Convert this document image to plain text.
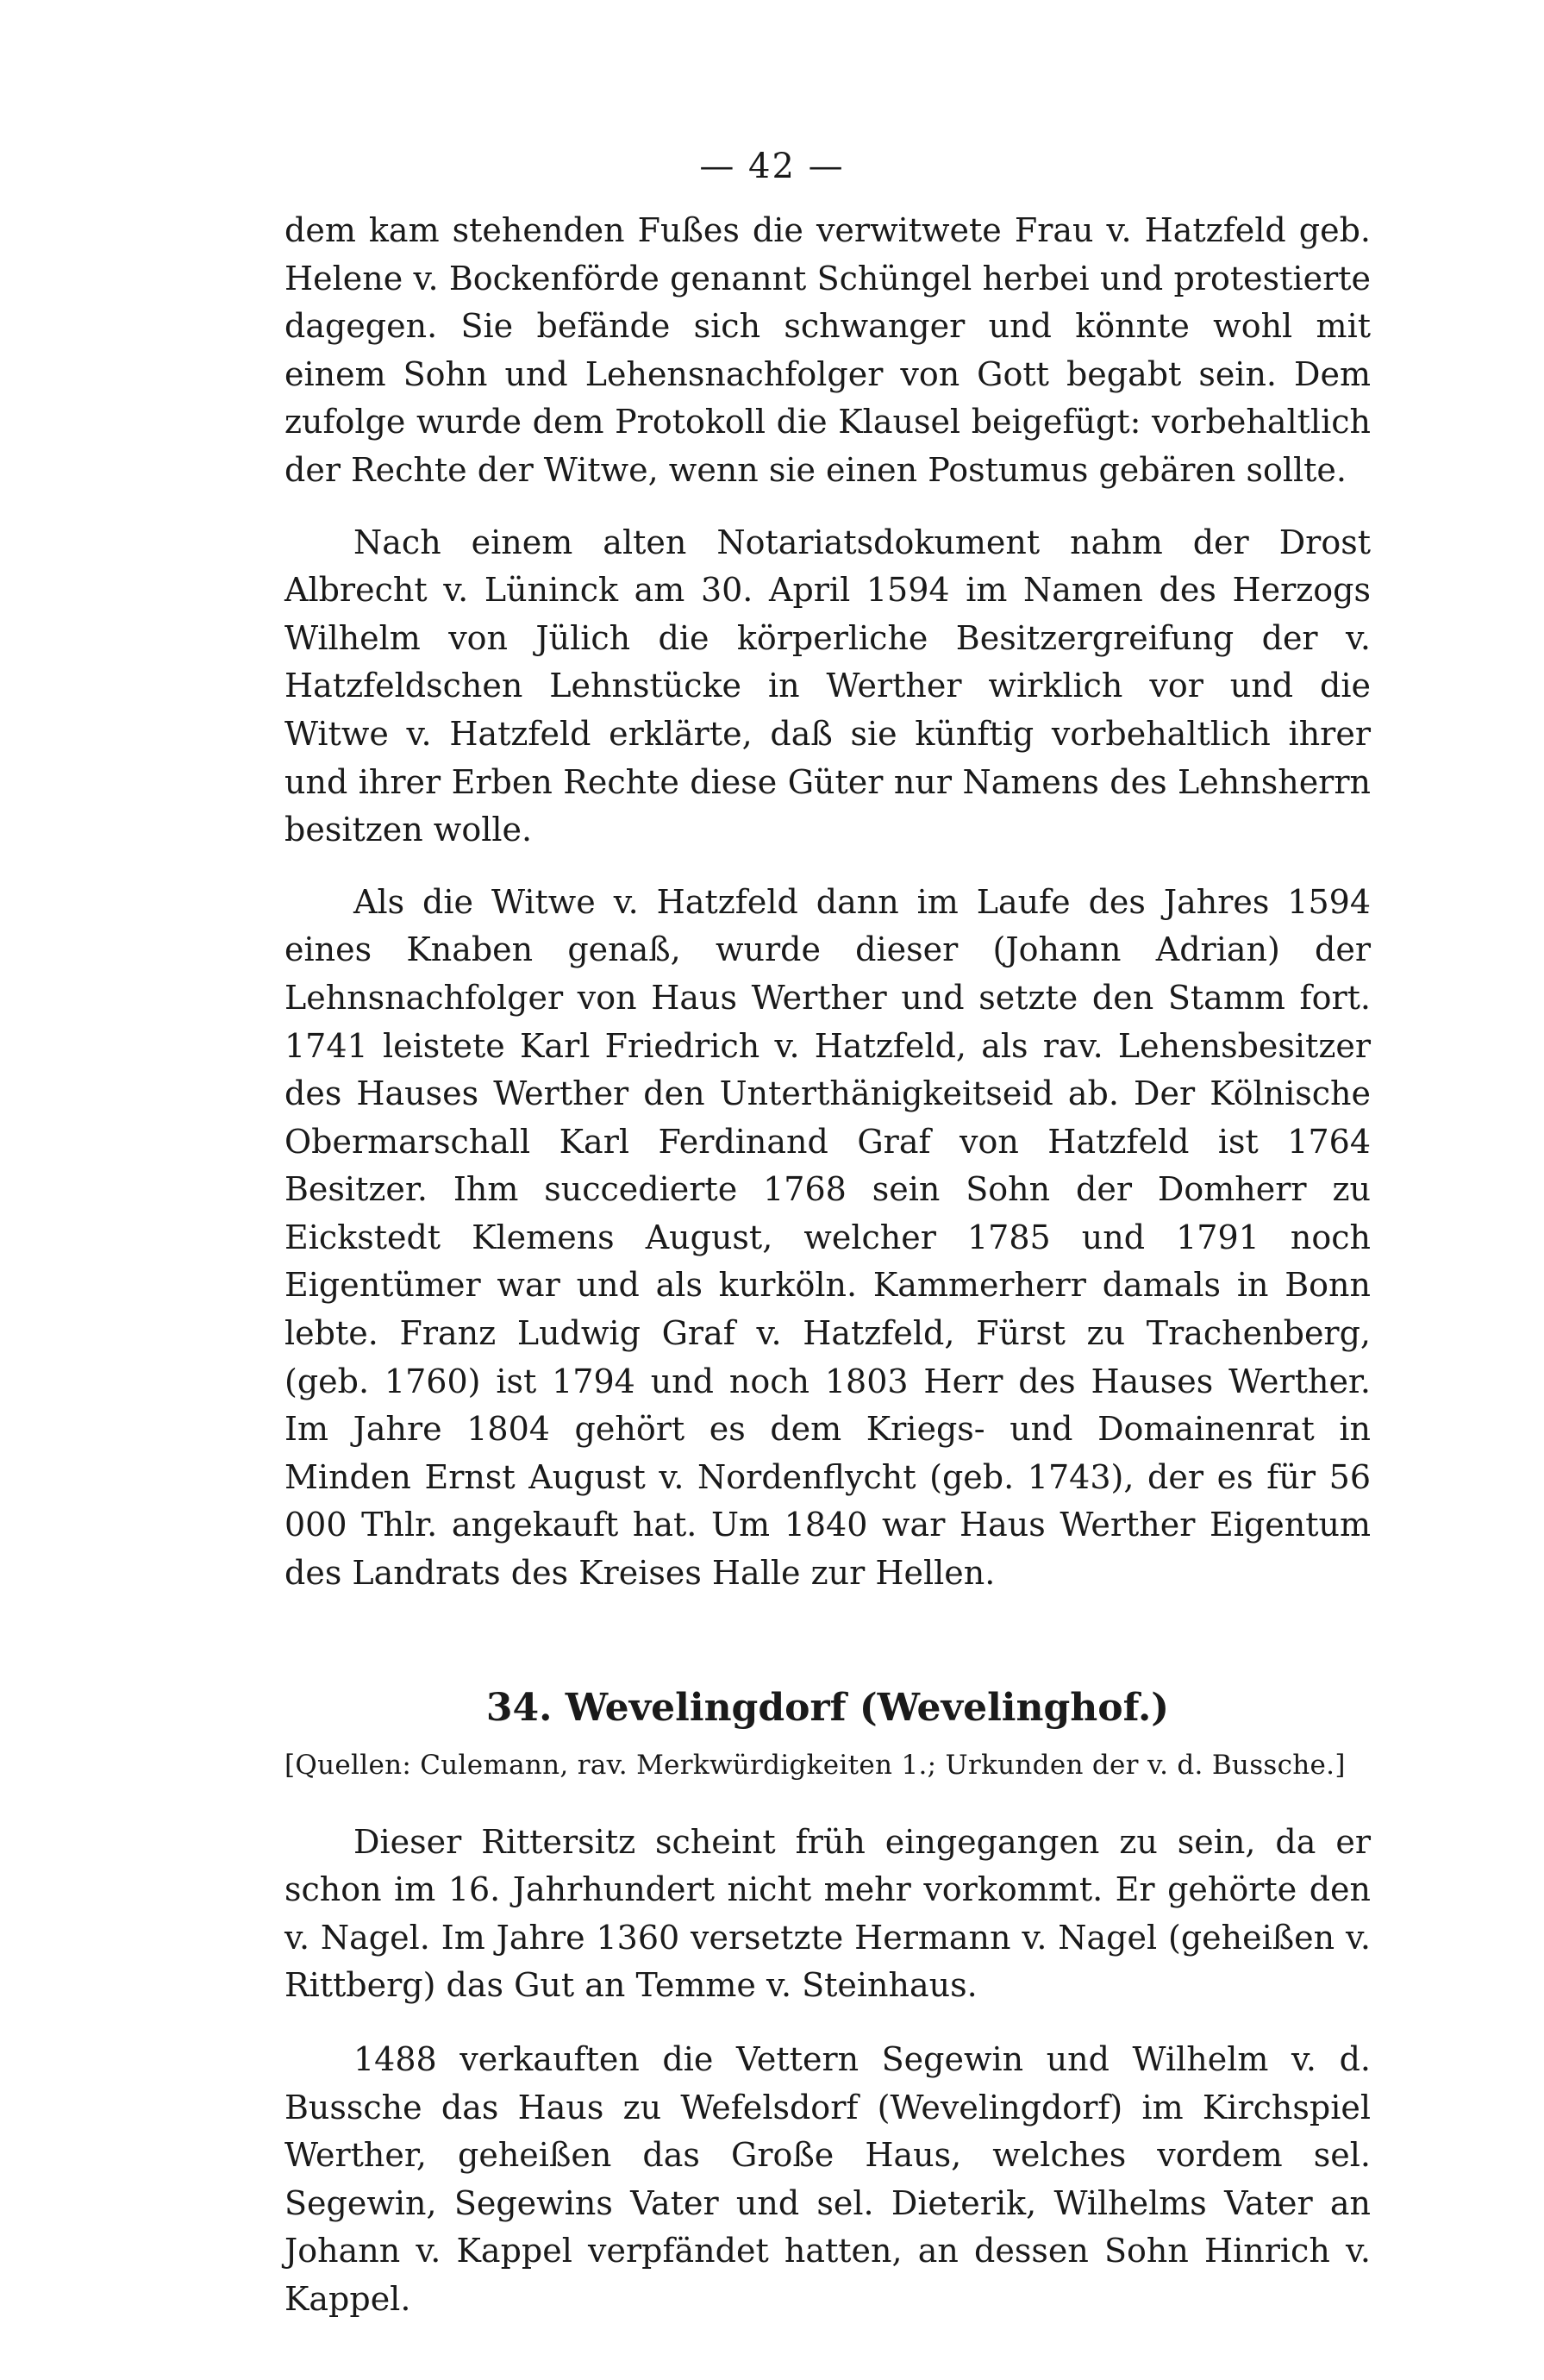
— 42 —

dem kam stehenden Fußes die verwitwete Frau v. Hatzfeld geb. Helene v. Bockenförde genannt Schüngel herbei und protestierte dagegen. Sie befände sich schwanger und könnte wohl mit einem Sohn und Lehensnachfolger von Gott begabt sein. Dem zufolge wurde dem Protokoll die Klausel beigefügt: vorbehaltlich der Rechte der Witwe, wenn sie einen Postumus gebären sollte.

Nach einem alten Notariatsdokument nahm der Drost Albrecht v. Lüninck am 30. April 1594 im Namen des Herzogs Wilhelm von Jülich die körperliche Besitzergreifung der v. Hatzfeldschen Lehnstücke in Werther wirklich vor und die Witwe v. Hatzfeld erklärte, daß sie künftig vorbehaltlich ihrer und ihrer Erben Rechte diese Güter nur Namens des Lehnsherrn besitzen wolle.

Als die Witwe v. Hatzfeld dann im Laufe des Jahres 1594 eines Knaben genaß, wurde dieser (Johann Adrian) der Lehnsnachfolger von Haus Werther und setzte den Stamm fort. 1741 leistete Karl Friedrich v. Hatzfeld, als rav. Lehensbesitzer des Hauses Werther den Unterthänigkeitseid ab. Der Kölnische Obermarschall Karl Ferdinand Graf von Hatzfeld ist 1764 Besitzer. Ihm succedierte 1768 sein Sohn der Domherr zu Eickstedt Klemens August, welcher 1785 und 1791 noch Eigentümer war und als kurköln. Kammerherr damals in Bonn lebte. Franz Ludwig Graf v. Hatzfeld, Fürst zu Trachenberg, (geb. 1760) ist 1794 und noch 1803 Herr des Hauses Werther. Im Jahre 1804 gehört es dem Kriegs- und Domainenrat in Minden Ernst August v. Nordenflycht (geb. 1743), der es für 56 000 Thlr. angekauft hat. Um 1840 war Haus Werther Eigentum des Landrats des Kreises Halle zur Hellen.

34. Wevelingdorf (Wevelinghof.)

[Quellen: Culemann, rav. Merkwürdigkeiten 1.; Urkunden der v. d. Bussche.]

Dieser Rittersitz scheint früh eingegangen zu sein, da er schon im 16. Jahrhundert nicht mehr vorkommt. Er gehörte den v. Nagel. Im Jahre 1360 versetzte Hermann v. Nagel (geheißen v. Rittberg) das Gut an Temme v. Steinhaus.

1488 verkauften die Vettern Segewin und Wilhelm v. d. Bussche das Haus zu Wefelsdorf (Wevelingdorf) im Kirchspiel Werther, geheißen das Große Haus, welches vordem sel. Segewin, Segewins Vater und sel. Dieterik, Wilhelms Vater an Johann v. Kappel verpfändet hatten, an dessen Sohn Hinrich v. Kappel.
